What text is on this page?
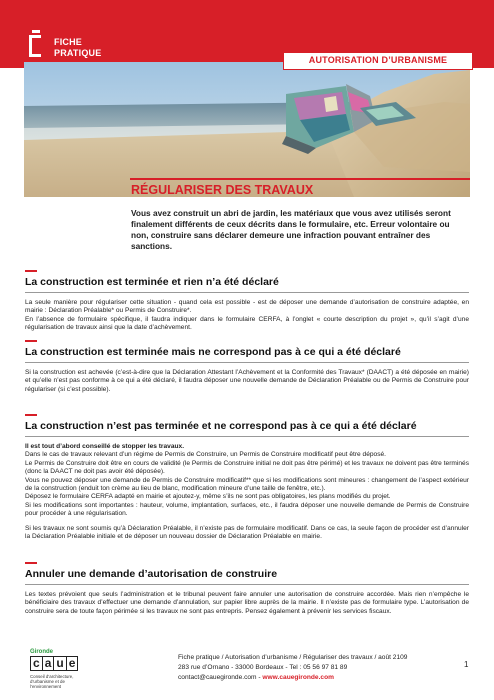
FICHE
PRATIQUE
AUTORISATION D’URBANISME
RÉGULARISER DES TRAVAUX
Vous avez construit un abri de jardin, les matériaux que vous avez utilisés seront finalement différents de ceux décrits dans le formulaire, etc. Erreur volontaire ou non, construire sans déclarer demeure une infraction pouvant entraîner des sanctions.
La construction est terminée et rien n’a été déclaré

La seule manière pour régulariser cette situation - quand cela est possible - est de déposer une demande d’autorisation de construire adaptée, en mairie : Déclaration Préalable* ou Permis de Construire*.

En l’absence de formulaire spécifique, il faudra indiquer dans le formulaire CERFA, à l’onglet « courte description du projet », qu’il s’agit d’une régularisation de travaux ainsi que la date d’achèvement.

La construction est terminée mais ne correspond pas à ce qui a été déclaré

Si la construction est achevée (c’est-à-dire que la Déclaration Attestant l’Achèvement et la Conformité des Travaux* (DAACT) a été déposée en mairie) et qu’elle n’est pas conforme à ce qui a été déclaré, il faudra déposer une nouvelle demande de Déclaration Préalable ou de Permis de Construire pour régulariser (si c’est possible).

La construction n’est pas terminée et ne correspond pas à ce qui a été déclaré

Il est tout d’abord conseillé de stopper les travaux.

Dans le cas de travaux relevant d’un régime de Permis de Construire, un Permis de Construire modificatif peut être déposé.

Le Permis de Construire doit être en cours de validité (le Permis de Construire initial ne doit pas être périmé) et les travaux ne doivent pas être terminés (donc la DAACT ne doit pas avoir été déposée).

Vous ne pouvez déposer une demande de Permis de Construire modificatif** que si les modifications sont mineures : changement de l’aspect extérieur de la construction (enduit ton crème au lieu de blanc, modification mineure d’une taille de fenêtre, etc.).

Déposez le formulaire CERFA adapté en mairie et ajoutez-y, même s’ils ne sont pas obligatoires, les plans modifiés du projet.

Si les modifications sont importantes : hauteur, volume, implantation, surfaces, etc., il faudra déposer une nouvelle demande de Permis de Construire pour procéder à une régularisation.

Si les travaux ne sont soumis qu’à Déclaration Préalable, il n’existe pas de formulaire modificatif. Dans ce cas, la seule façon de procéder est d’annuler la Déclaration Préalable initiale et de déposer un nouveau dossier de Déclaration Préalable en mairie.

Annuler une demande d’autorisation de construire

Les textes prévoient que seuls l’administration et le tribunal peuvent faire annuler une autorisation de construire accordée. Mais rien n’empêche le bénéficiaire des travaux d’effectuer une demande d’annulation, sur papier libre auprès de la mairie. Il n’existe pas de formulaire type. L’autorisation de construire sera de toute façon périmée si les travaux ne sont pas entrepris. Pensez également à prévenir les services fiscaux.

Gironde
c a u e
Conseil d’architecture, d’urbanisme et de l’environnement
Fiche pratique / Autorisation d’urbanisme / Régulariser des travaux / août 2109
283 rue d’Ornano - 33000 Bordeaux - Tel : 05 56 97 81 89
contact@cauegironde.com - www.cauegironde.com
1
